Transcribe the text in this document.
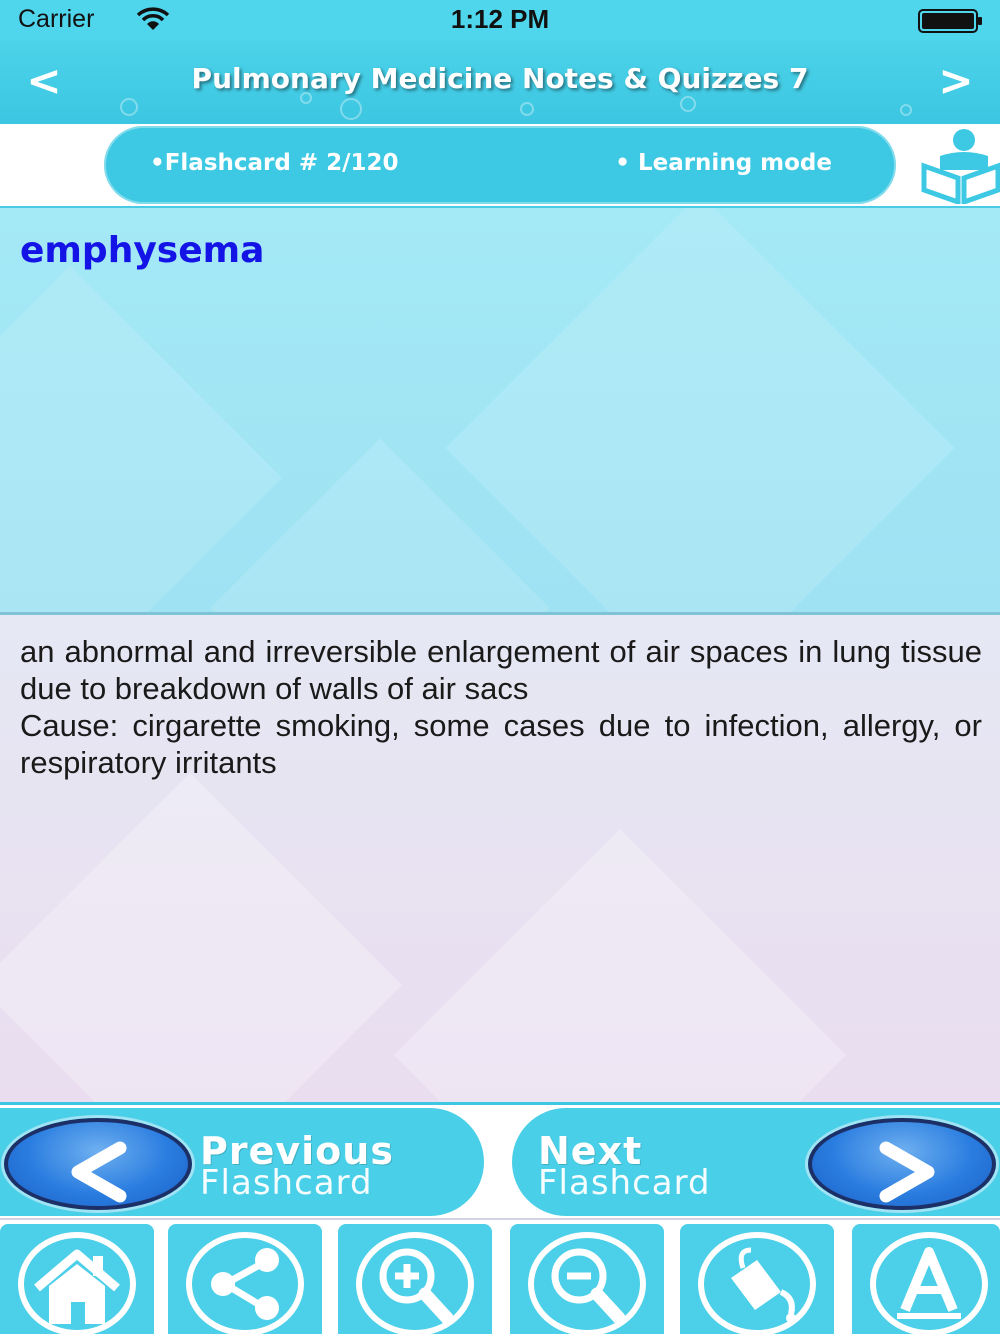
Carrier	1:12 PM
<	Pulmonary Medicine Notes & Quizzes 7	>
•Flashcard # 2/120	• Learning mode
emphysema

an abnormal and irreversible enlargement of air spaces in lung tissue due to breakdown of walls of air sacs

Cause: cirgarette smoking, some cases due to infection, allergy, or respiratory irritants

Previous
Flashcard
Next
Flashcard
